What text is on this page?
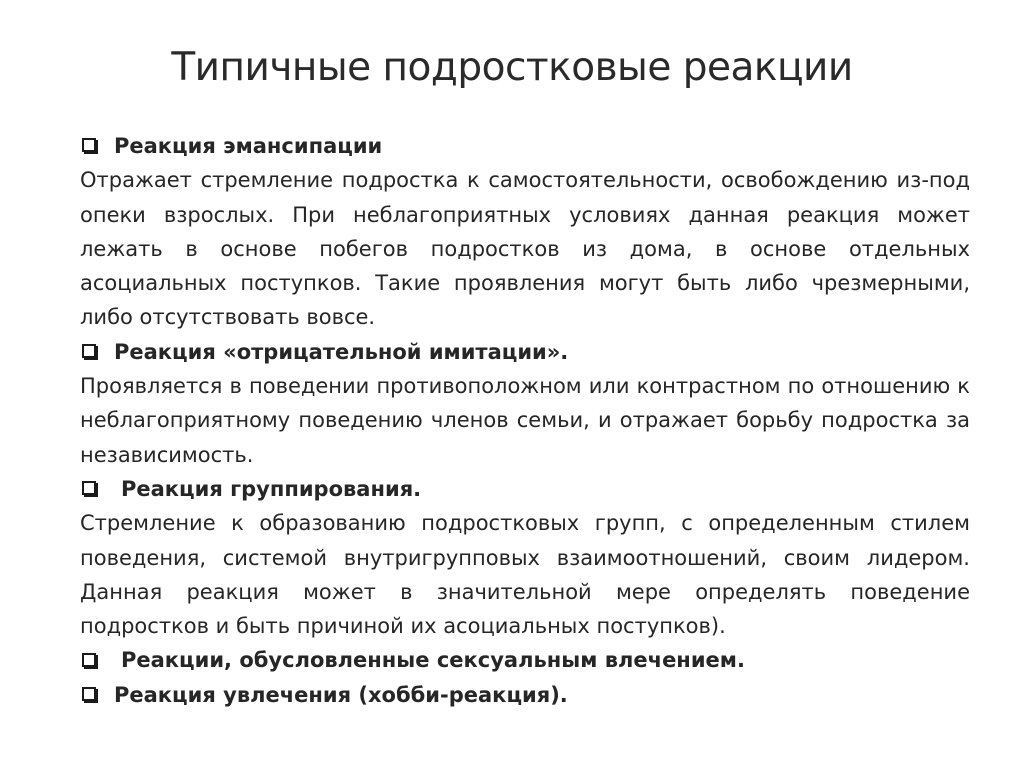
Типичные подростковые реакции
Реакция эмансипации

Отражает стремление подростка к самостоятельности, освобождению из-под опеки взрослых. При неблагоприятных условиях данная реакция может лежать в основе побегов подростков из дома, в основе отдельных асоциальных поступков. Такие проявления могут быть либо чрезмерными, либо отсутствовать вовсе.

Реакция «отрицательной имитации».

Проявляется в поведении противоположном или контрастном по отношению к неблагоприятному поведению членов семьи, и отражает борьбу подростка за независимость.

Реакция группирования.

Стремление к образованию подростковых групп, с определенным стилем поведения, системой внутригрупповых взаимоотношений, своим лидером. Данная реакция может в значительной мере определять поведение подростков и быть причиной их асоциальных поступков).

Реакции, обусловленные сексуальным влечением.
Реакция увлечения (хобби-реакция).
